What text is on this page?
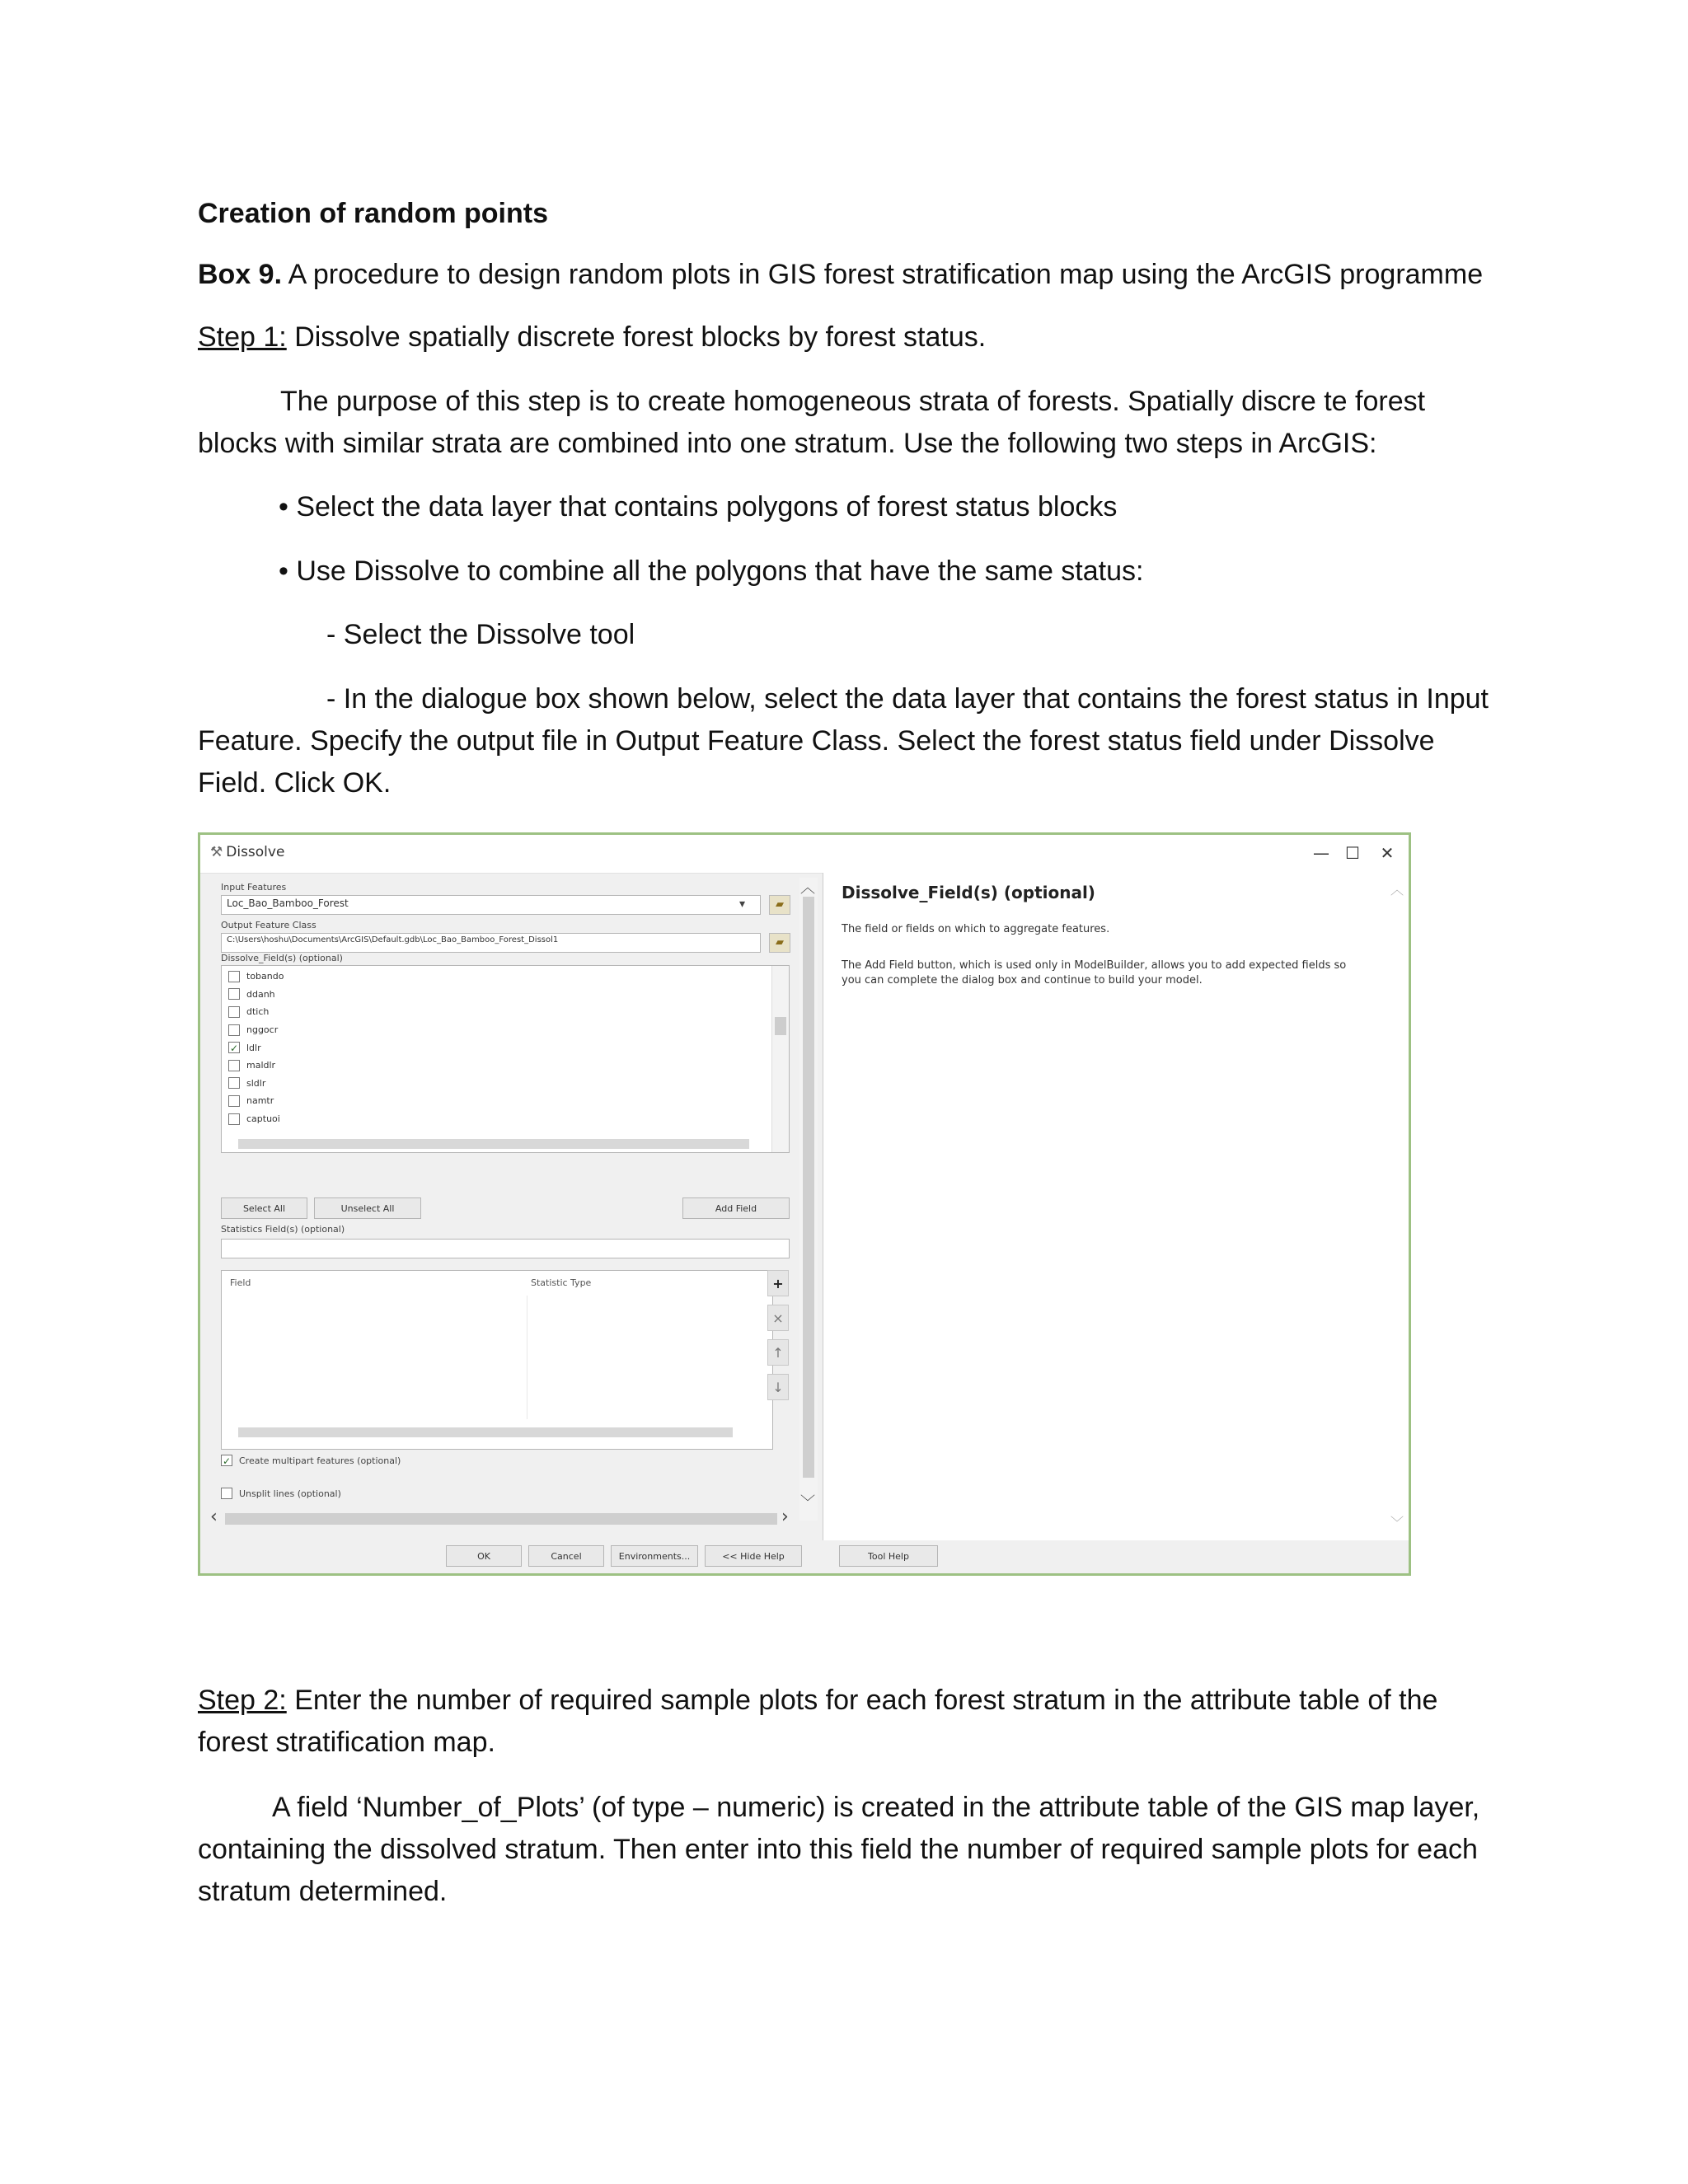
Creation of random points

Box 9. A procedure to design random plots in GIS forest stratification map using the ArcGIS programme

Step 1: Dissolve spatially discrete forest blocks by forest status.

The purpose of this step is to create homogeneous strata of forests. Spatially discre te forest blocks with similar strata are combined into one stratum. Use the following two steps in ArcGIS:

• Select the data layer that contains polygons of forest status blocks

• Use Dissolve to combine all the polygons that have the same status:

- Select the Dissolve tool

- In the dialogue box shown below, select the data layer that contains the forest status in Input Feature. Specify the output file in Output Feature Class. Select the forest status field under Dissolve Field. Click OK.

⚒ Dissolve	— ☐	✕
Input Features
Loc_Bao_Bamboo_Forest	▾	▰
Output Feature Class
C:\Users\hoshu\Documents\ArcGIS\Default.gdb\Loc_Bao_Bamboo_Forest_Dissol1	▰
Dissolve_Field(s) (optional)
tobando
ddanh
dtich
nggocr
✓ ldlr
maldlr
sldlr
namtr
captuoi
Select All	Unselect All	Add Field
Statistics Field(s) (optional)
Field	Statistic Type	+
×
↑
↓
✓ Create multipart features (optional)
Unsplit lines (optional)
︿
﹀
‹	›
Dissolve_Field(s) (optional)
The field or fields on which to aggregate features.
The Add Field button, which is used only in ModelBuilder, allows you to add expected fields so you can complete the dialog box and continue to build your model.
︿
﹀
OK	Cancel	Environments...	<< Hide Help	Tool Help

Step 2: Enter the number of required sample plots for each forest stratum in the attribute table of the forest stratification map.

A field ‘Number_of_Plots’ (of type – numeric) is created in the attribute table of the GIS map layer, containing the dissolved stratum. Then enter into this field the number of required sample plots for each stratum determined.
